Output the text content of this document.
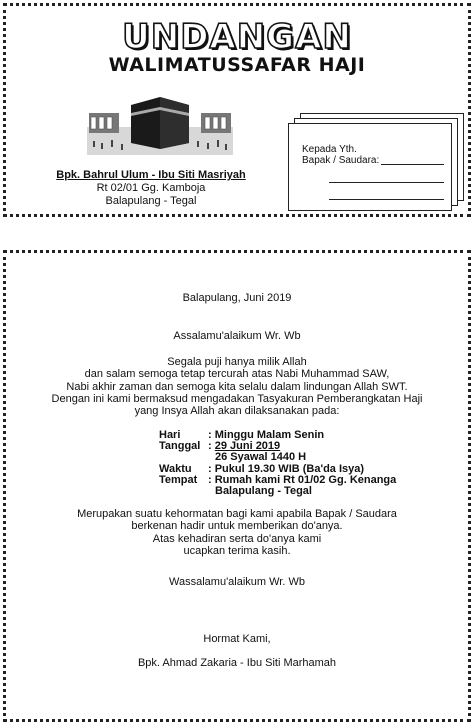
UNDANGAN
WALIMATUSSAFAR HAJI
Bpk. Bahrul Ulum - Ibu Siti Masriyah
Rt 02/01 Gg. Kamboja
Balapulang - Tegal
Kepada Yth.
Bapak / Saudara:
Balapulang, Juni 2019
Assalamu'alaikum Wr. Wb
Segala puji hanya milik Allah
dan salam semoga tetap tercurah atas Nabi Muhammad SAW,
Nabi akhir zaman dan semoga kita selalu dalam lindungan Allah SWT.
Dengan ini kami bermaksud mengadakan Tasyakuran Pemberangkatan Haji
yang Insya Allah akan dilaksanakan pada:
Hari	: Minggu Malam Senin
Tanggal : 29 Juni 2019
26 Syawal 1440 H
Waktu	: Pukul 19.30 WIB (Ba'da Isya)
Tempat : Rumah kami Rt 01/02 Gg. Kenanga
Balapulang - Tegal
Merupakan suatu kehormatan bagi kami apabila Bapak / Saudara
berkenan hadir untuk memberikan do'anya.
Atas kehadiran serta do'anya kami
ucapkan terima kasih.
Wassalamu'alaikum Wr. Wb
Hormat Kami,
Bpk. Ahmad Zakaria - Ibu Siti Marhamah
